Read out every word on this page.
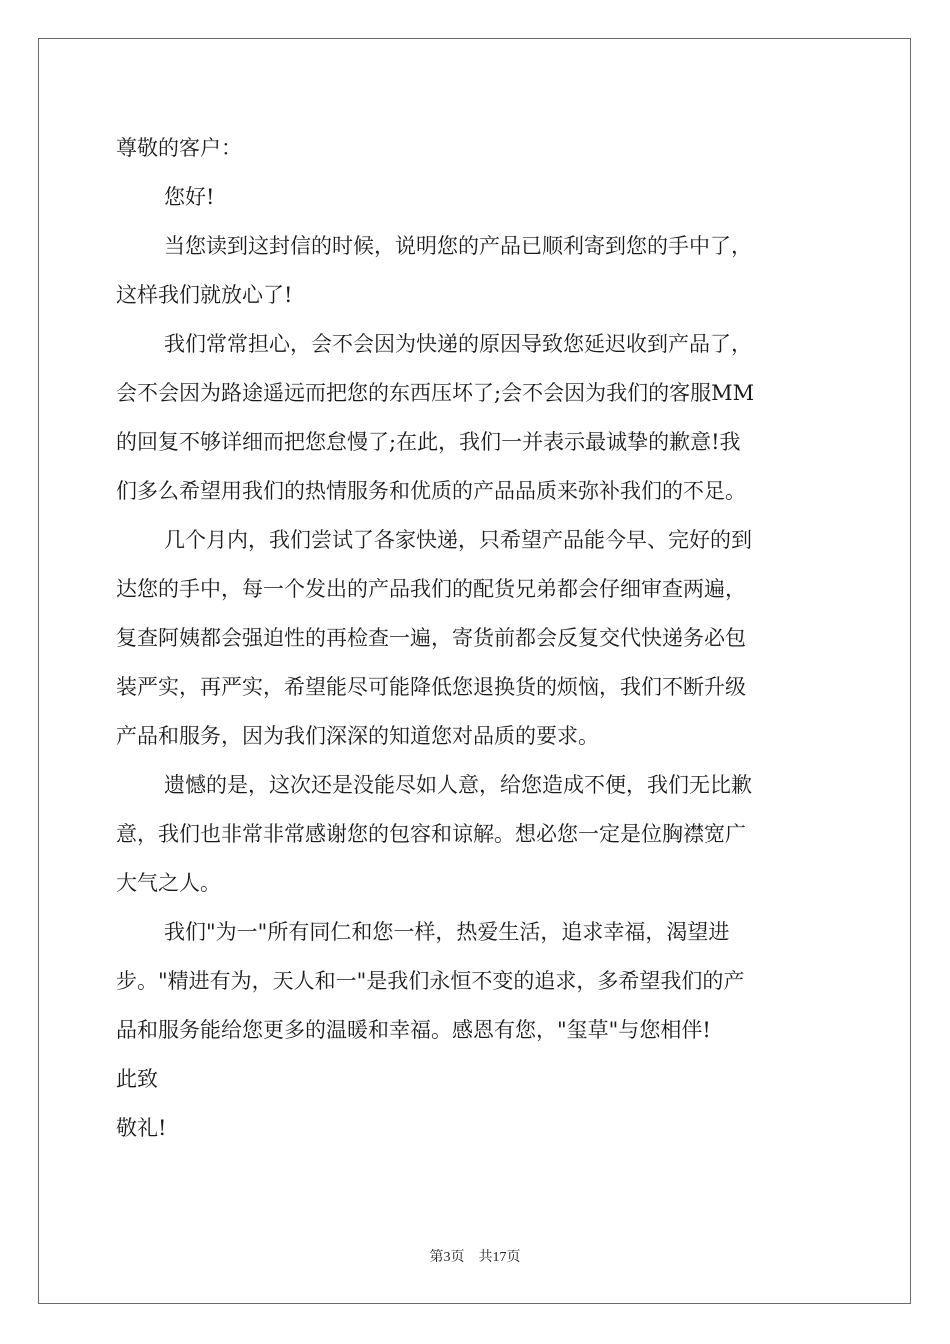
尊敬的客户：
您好!
当您读到这封信的时候，说明您的产品已顺利寄到您的手中了，
这样我们就放心了!
我们常常担心，会不会因为快递的原因导致您延迟收到产品了，
会不会因为路途遥远而把您的东西压坏了;会不会因为我们的客服MM
的回复不够详细而把您怠慢了;在此，我们一并表示最诚挚的歉意!我
们多么希望用我们的热情服务和优质的产品品质来弥补我们的不足。
几个月内，我们尝试了各家快递，只希望产品能今早、完好的到
达您的手中，每一个发出的产品我们的配货兄弟都会仔细审查两遍，
复查阿姨都会强迫性的再检查一遍，寄货前都会反复交代快递务必包
装严实，再严实，希望能尽可能降低您退换货的烦恼，我们不断升级
产品和服务，因为我们深深的知道您对品质的要求。
遗憾的是，这次还是没能尽如人意，给您造成不便，我们无比歉
意，我们也非常非常感谢您的包容和谅解。想必您一定是位胸襟宽广
大气之人。
我们"为一"所有同仁和您一样，热爱生活，追求幸福，渴望进
步。"精进有为，天人和一"是我们永恒不变的追求，多希望我们的产
品和服务能给您更多的温暖和幸福。感恩有您，"玺草"与您相伴!
此致
敬礼!
第3页 共17页
